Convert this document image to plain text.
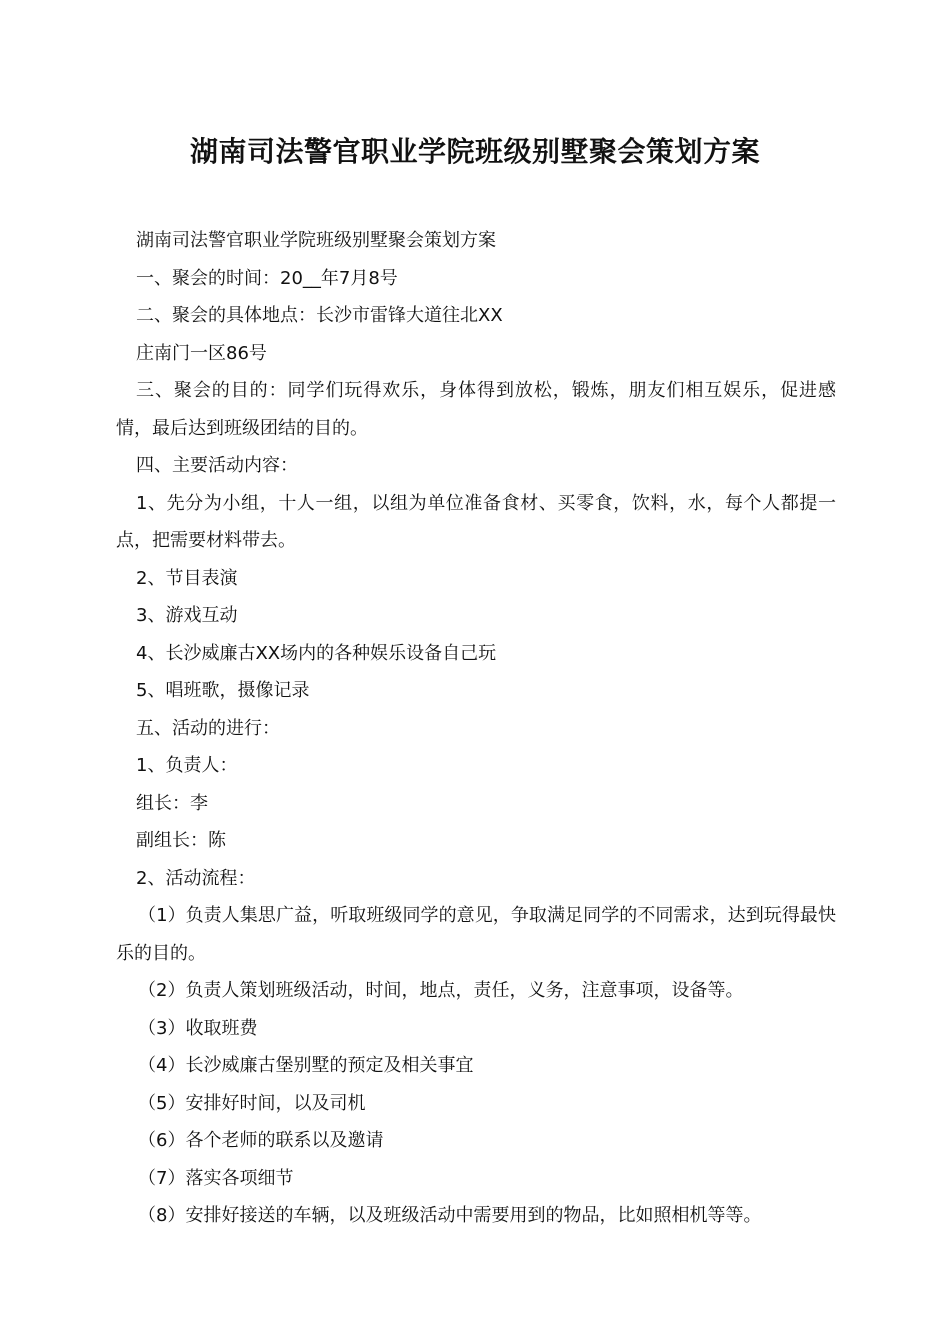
湖南司法警官职业学院班级别墅聚会策划方案

湖南司法警官职业学院班级别墅聚会策划方案

一、聚会的时间：20__年7月8号

二、聚会的具体地点：长沙市雷锋大道往北XX

庄南门一区86号

三、聚会的目的：同学们玩得欢乐，身体得到放松，锻炼，朋友们相互娱乐，促进感情，最后达到班级团结的目的。

四、主要活动内容：

1、先分为小组，十人一组，以组为单位准备食材、买零食，饮料，水，每个人都提一点，把需要材料带去。

2、节目表演

3、游戏互动

4、长沙威廉古XX场内的各种娱乐设备自己玩

5、唱班歌，摄像记录

五、活动的进行：

1、负责人：

组长：李

副组长：陈

2、活动流程：

（1）负责人集思广益，听取班级同学的意见，争取满足同学的不同需求，达到玩得最快乐的目的。

（2）负责人策划班级活动，时间，地点，责任，义务，注意事项，设备等。

（3）收取班费

（4）长沙威廉古堡别墅的预定及相关事宜

（5）安排好时间，以及司机

（6）各个老师的联系以及邀请

（7）落实各项细节

（8）安排好接送的车辆，以及班级活动中需要用到的物品，比如照相机等等。
